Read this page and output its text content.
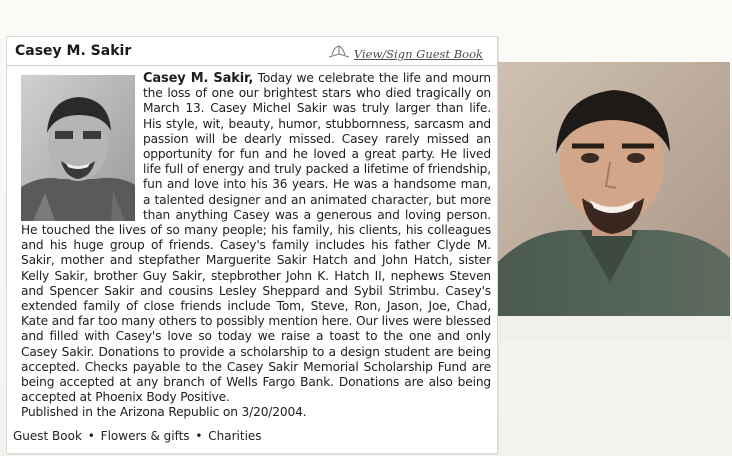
Casey M. Sakir	View/Sign Guest Book
Casey M. Sakir, Today we celebrate the life and mourn the loss of one our brightest stars who died tragically on March 13. Casey Michel Sakir was truly larger than life. His style, wit, beauty, humor, stubbornness, sarcasm and passion will be dearly missed. Casey rarely missed an opportunity for fun and he loved a great party. He lived life full of energy and truly packed a lifetime of friendship, fun and love into his 36 years. He was a handsome man, a talented designer and an animated character, but more than anything Casey was a generous and loving person. He touched the lives of so many people; his family, his clients, his colleagues and his huge group of friends. Casey's family includes his father Clyde M. Sakir, mother and stepfather Marguerite Sakir Hatch and John Hatch, sister Kelly Sakir, brother Guy Sakir, stepbrother John K. Hatch II, nephews Steven and Spencer Sakir and cousins Lesley Sheppard and Sybil Strimbu. Casey's extended family of close friends include Tom, Steve, Ron, Jason, Joe, Chad, Kate and far too many others to possibly mention here. Our lives were blessed and filled with Casey's love so today we raise a toast to the one and only Casey Sakir. Donations to provide a scholarship to a design student are being accepted. Checks payable to the Casey Sakir Memorial Scholarship Fund are being accepted at any branch of Wells Fargo Bank. Donations are also being accepted at Phoenix Body Positive.
Published in the Arizona Republic on 3/20/2004.
Guest Book • Flowers & gifts • Charities
